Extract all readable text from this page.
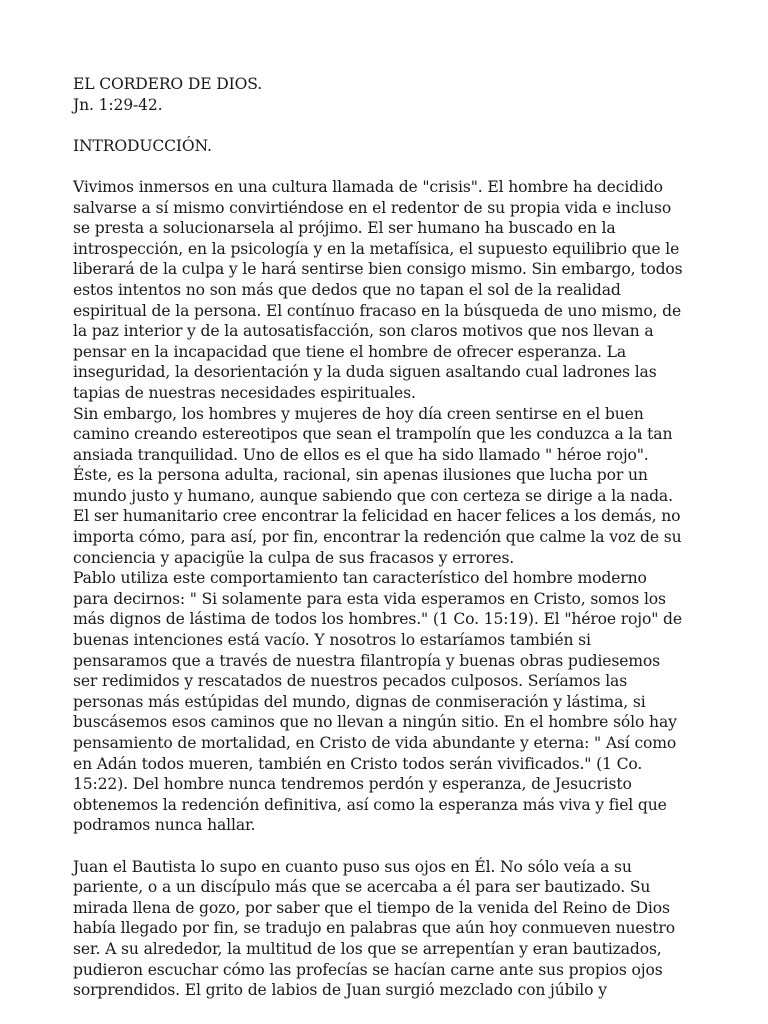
EL CORDERO DE DIOS.
Jn. 1:29-42.
INTRODUCCIÓN.
Vivimos inmersos en una cultura llamada de "crisis". El hombre ha decidido
salvarse a sí mismo convirtiéndose en el redentor de su propia vida e incluso
se presta a solucionarsela al prójimo. El ser humano ha buscado en la
introspección, en la psicología y en la metafísica, el supuesto equilibrio que le
liberará de la culpa y le hará sentirse bien consigo mismo. Sin embargo, todos
estos intentos no son más que dedos que no tapan el sol de la realidad
espiritual de la persona. El contínuo fracaso en la búsqueda de uno mismo, de
la paz interior y de la autosatisfacción, son claros motivos que nos llevan a
pensar en la incapacidad que tiene el hombre de ofrecer esperanza. La
inseguridad, la desorientación y la duda siguen asaltando cual ladrones las
tapias de nuestras necesidades espirituales.
Sin embargo, los hombres y mujeres de hoy día creen sentirse en el buen
camino creando estereotipos que sean el trampolín que les conduzca a la tan
ansiada tranquilidad. Uno de ellos es el que ha sido llamado " héroe rojo".
Éste, es la persona adulta, racional, sin apenas ilusiones que lucha por un
mundo justo y humano, aunque sabiendo que con certeza se dirige a la nada.
El ser humanitario cree encontrar la felicidad en hacer felices a los demás, no
importa cómo, para así, por fin, encontrar la redención que calme la voz de su
conciencia y apacigüe la culpa de sus fracasos y errores.
Pablo utiliza este comportamiento tan característico del hombre moderno
para decirnos: " Si solamente para esta vida esperamos en Cristo, somos los
más dignos de lástima de todos los hombres." (1 Co. 15:19). El "héroe rojo" de
buenas intenciones está vacío. Y nosotros lo estaríamos también si
pensaramos que a través de nuestra filantropía y buenas obras pudiesemos
ser redimidos y rescatados de nuestros pecados culposos. Seríamos las
personas más estúpidas del mundo, dignas de conmiseración y lástima, si
buscásemos esos caminos que no llevan a ningún sitio. En el hombre sólo hay
pensamiento de mortalidad, en Cristo de vida abundante y eterna: " Así como
en Adán todos mueren, también en Cristo todos serán vivificados." (1 Co.
15:22). Del hombre nunca tendremos perdón y esperanza, de Jesucristo
obtenemos la redención definitiva, así como la esperanza más viva y fiel que
podramos nunca hallar.
Juan el Bautista lo supo en cuanto puso sus ojos en Él. No sólo veía a su
pariente, o a un discípulo más que se acercaba a él para ser bautizado. Su
mirada llena de gozo, por saber que el tiempo de la venida del Reino de Dios
había llegado por fin, se tradujo en palabras que aún hoy conmueven nuestro
ser. A su alrededor, la multitud de los que se arrepentían y eran bautizados,
pudieron escuchar cómo las profecías se hacían carne ante sus propios ojos
sorprendidos. El grito de labios de Juan surgió mezclado con júbilo y
